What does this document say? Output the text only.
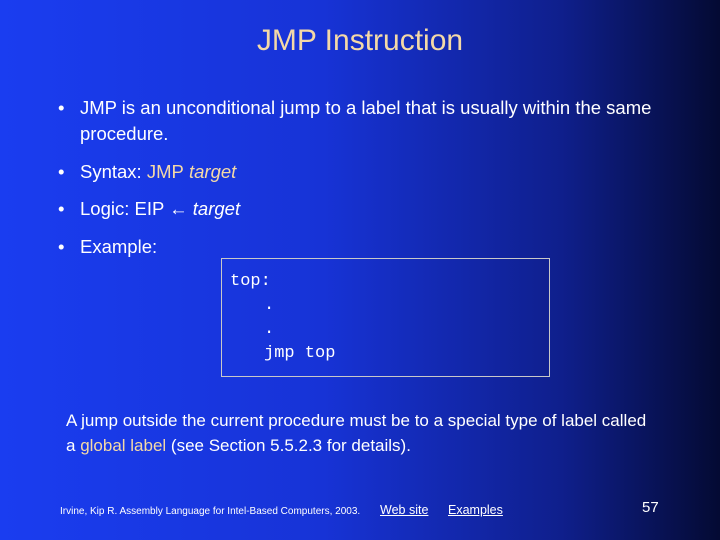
JMP Instruction
• JMP is an unconditional jump to a label that is usually within the same procedure.
• Syntax: JMP target
• Logic: EIP ← target
• Example:
top:
.
.
jmp top
A jump outside the current procedure must be to a special type of label called a global label (see Section 5.5.2.3 for details).
Irvine, Kip R. Assembly Language for Intel-Based Computers, 2003. Web site Examples	57
